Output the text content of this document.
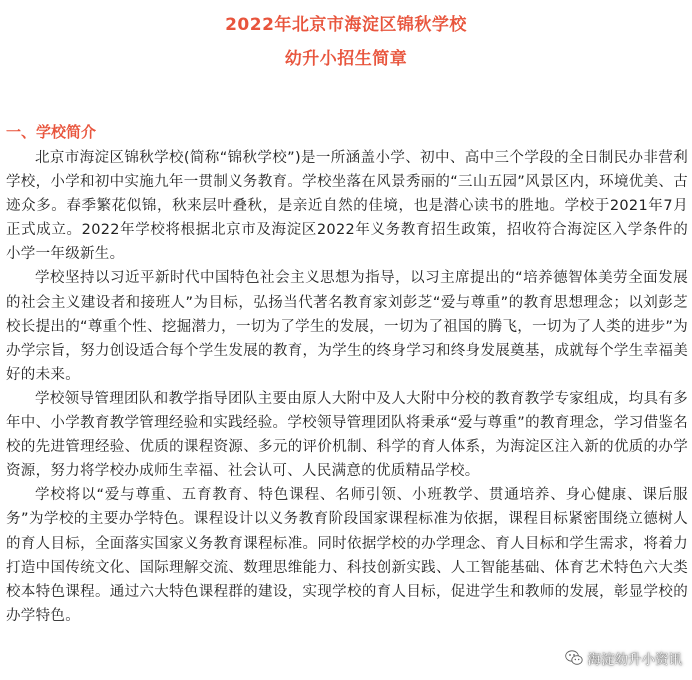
2022年北京市海淀区锦秋学校
幼升小招生简章
一、学校简介

北京市海淀区锦秋学校(简称“锦秋学校”)是一所涵盖小学、初中、高中三个学段的全日制民办非营利学校，小学和初中实施九年一贯制义务教育。学校坐落在风景秀丽的“三山五园”风景区内，环境优美、古迹众多。春季繁花似锦，秋来层叶叠秋，是亲近自然的佳境，也是潜心读书的胜地。学校于2021年7月正式成立。2022年学校将根据北京市及海淀区2022年义务教育招生政策，招收符合海淀区入学条件的小学一年级新生。

学校坚持以习近平新时代中国特色社会主义思想为指导，以习主席提出的“培养德智体美劳全面发展的社会主义建设者和接班人”为目标，弘扬当代著名教育家刘彭芝“爱与尊重”的教育思想理念；以刘彭芝校长提出的“尊重个性、挖掘潜力，一切为了学生的发展，一切为了祖国的腾飞，一切为了人类的进步”为办学宗旨，努力创设适合每个学生发展的教育，为学生的终身学习和终身发展奠基，成就每个学生幸福美好的未来。

学校领导管理团队和教学指导团队主要由原人大附中及人大附中分校的教育教学专家组成，均具有多年中、小学教育教学管理经验和实践经验。学校领导管理团队将秉承“爱与尊重”的教育理念，学习借鉴名校的先进管理经验、优质的课程资源、多元的评价机制、科学的育人体系，为海淀区注入新的优质的办学资源，努力将学校办成师生幸福、社会认可、人民满意的优质精品学校。

学校将以“爱与尊重、五育教育、特色课程、名师引领、小班教学、贯通培养、身心健康、课后服务”为学校的主要办学特色。课程设计以义务教育阶段国家课程标准为依据，课程目标紧密围绕立德树人的育人目标，全面落实国家义务教育课程标准。同时依据学校的办学理念、育人目标和学生需求，将着力打造中国传统文化、国际理解交流、数理思维能力、科技创新实践、人工智能基础、体育艺术特色六大类校本特色课程。通过六大特色课程群的建设，实现学校的育人目标，促进学生和教师的发展，彰显学校的办学特色。

海淀幼升小资讯
